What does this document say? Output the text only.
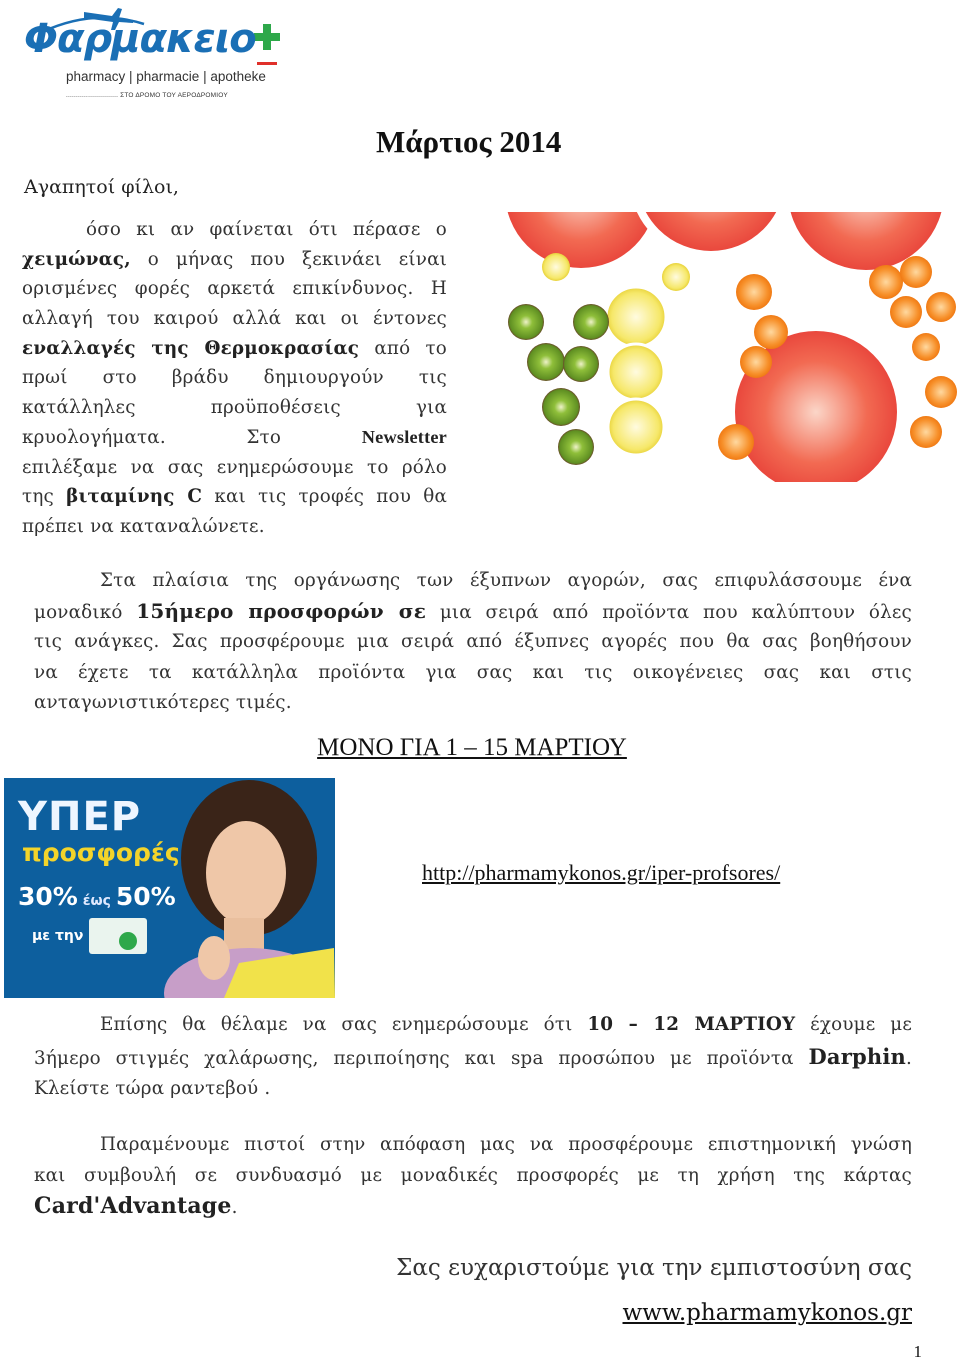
Φαρμακειο
pharmacy | pharmacie | apotheke
.......................... ΣΤΟ ΔΡΟΜΟ ΤΟΥ ΑΕΡΟΔΡΟΜΙΟΥ
Μάρτιος 2014
Αγαπητοί φίλοι,
όσο κι αν φαίνεται ότι πέρασε ο
χειμώνας, ο μήνας που ξεκινάει είναι
ορισμένες φορές αρκετά επικίνδυνος. Η
αλλαγή του καιρού αλλά και οι έντονες
εναλλαγές της Θερμοκρασίας από το
πρωί στο βράδυ δημιουργούν τις
κατάλληλες προϋποθέσεις για
κρυολογήματα. Στο Newsletter
επιλέξαμε να σας ενημερώσουμε το ρόλο
της βιταμίνης C και τις τροφές που θα
πρέπει να καταναλώνετε.
Στα πλαίσια της οργάνωσης των έξυπνων αγορών, σας επιφυλάσσουμε ένα
μοναδικό 15ήμερο προσφορών σε μια σειρά από προϊόντα που καλύπτουν όλες
τις ανάγκες. Σας προσφέρουμε μια σειρά από έξυπνες αγορές που θα σας βοηθήσουν
να έχετε τα κατάλληλα προϊόντα για σας και τις οικογένειες σας και στις
ανταγωνιστικότερες τιμές.
ΜΟΝΟ ΓΙΑ 1 – 15 ΜΑΡΤΙΟΥ
ΥΠΕΡ
προσφορές
30% έως 50%
με την
http://pharmamykonos.gr/iper-profsores/
Επίσης θα θέλαμε να σας ενημερώσουμε ότι 10 – 12 ΜΑΡΤΙΟΥ έχουμε με
3ήμερο στιγμές χαλάρωσης, περιποίησης και spa προσώπου με προϊόντα Darphin.
Κλείστε τώρα ραντεβού .
Παραμένουμε πιστοί στην απόφαση μας να προσφέρουμε επιστημονική γνώση
και συμβουλή σε συνδυασμό με μοναδικές προσφορές με τη χρήση της κάρτας
Card'Advantage.
Σας ευχαριστούμε για την εμπιστοσύνη σας
www.pharmamykonos.gr
1
